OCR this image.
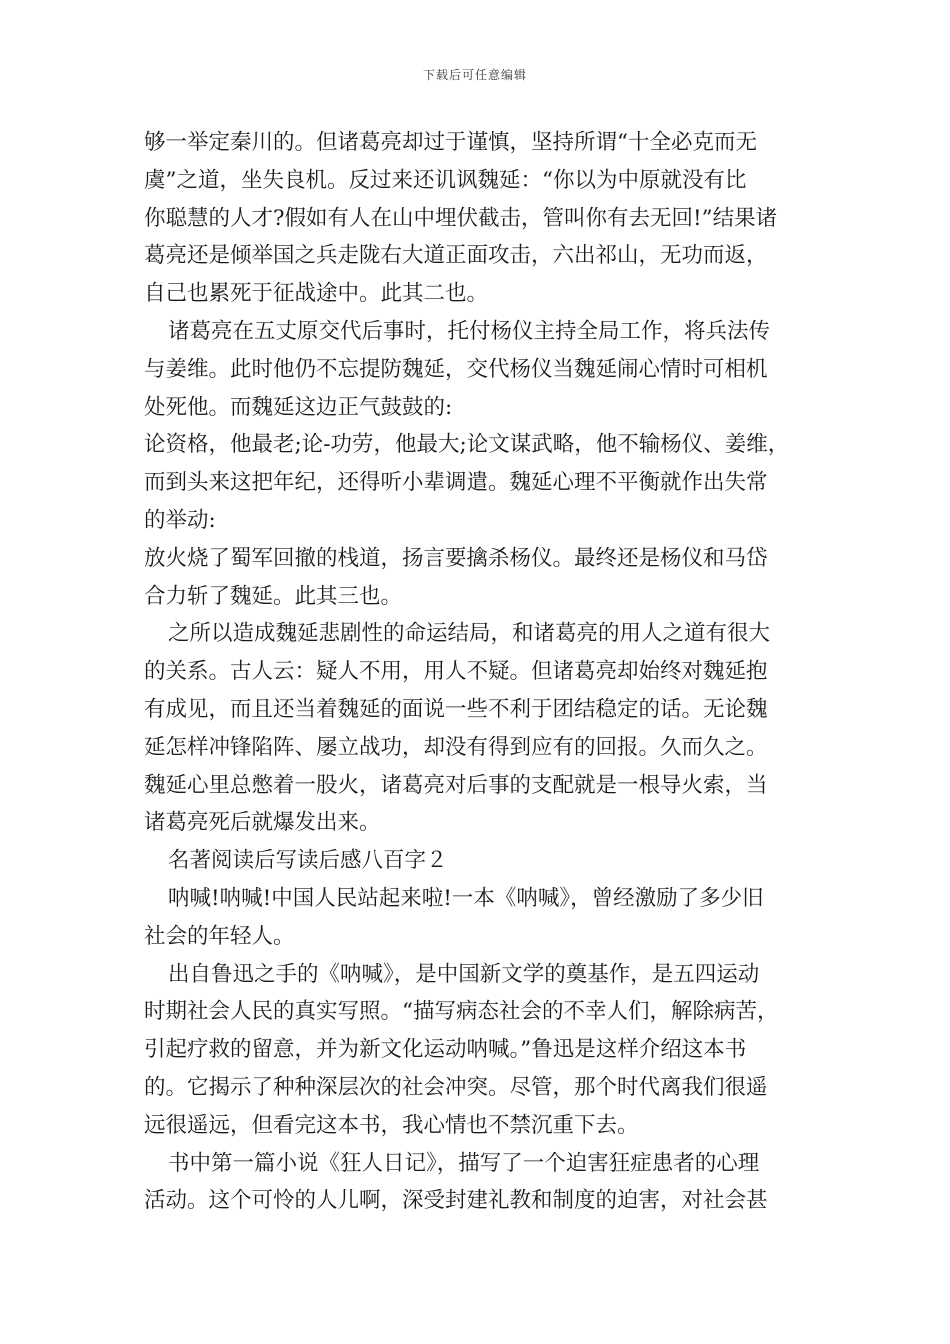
下载后可任意编辑
够一举定秦川的。但诸葛亮却过于谨慎，坚持所谓“十全必克而无
虞”之道，坐失良机。反过来还讥讽魏延：“你以为中原就没有比
你聪慧的人才?假如有人在山中埋伏截击，管叫你有去无回!”结果诸
葛亮还是倾举国之兵走陇右大道正面攻击，六出祁山，无功而返，
自己也累死于征战途中。此其二也。
诸葛亮在五丈原交代后事时，托付杨仪主持全局工作，将兵法传
与姜维。此时他仍不忘提防魏延，交代杨仪当魏延闹心情时可相机
处死他。而魏延这边正气鼓鼓的:
论资格，他最老;论-功劳，他最大;论文谋武略，他不输杨仪、姜维，
而到头来这把年纪，还得听小辈调遣。魏延心理不平衡就作出失常
的举动:
放火烧了蜀军回撤的栈道，扬言要擒杀杨仪。最终还是杨仪和马岱
合力斩了魏延。此其三也。
之所以造成魏延悲剧性的命运结局，和诸葛亮的用人之道有很大
的关系。古人云：疑人不用，用人不疑。但诸葛亮却始终对魏延抱
有成见，而且还当着魏延的面说一些不利于团结稳定的话。无论魏
延怎样冲锋陷阵、屡立战功，却没有得到应有的回报。久而久之。
魏延心里总憋着一股火，诸葛亮对后事的支配就是一根导火索，当
诸葛亮死后就爆发出来。
名著阅读后写读后感八百字２
呐喊!呐喊!中国人民站起来啦!一本《呐喊》，曾经激励了多少旧
社会的年轻人。
出自鲁迅之手的《呐喊》，是中国新文学的奠基作，是五四运动
时期社会人民的真实写照。“描写病态社会的不幸人们，解除病苦，
引起疗救的留意，并为新文化运动呐喊。”鲁迅是这样介绍这本书
的。它揭示了种种深层次的社会冲突。尽管，那个时代离我们很遥
远很遥远，但看完这本书，我心情也不禁沉重下去。
书中第一篇小说《狂人日记》，描写了一个迫害狂症患者的心理
活动。这个可怜的人儿啊，深受封建礼教和制度的迫害，对社会甚
